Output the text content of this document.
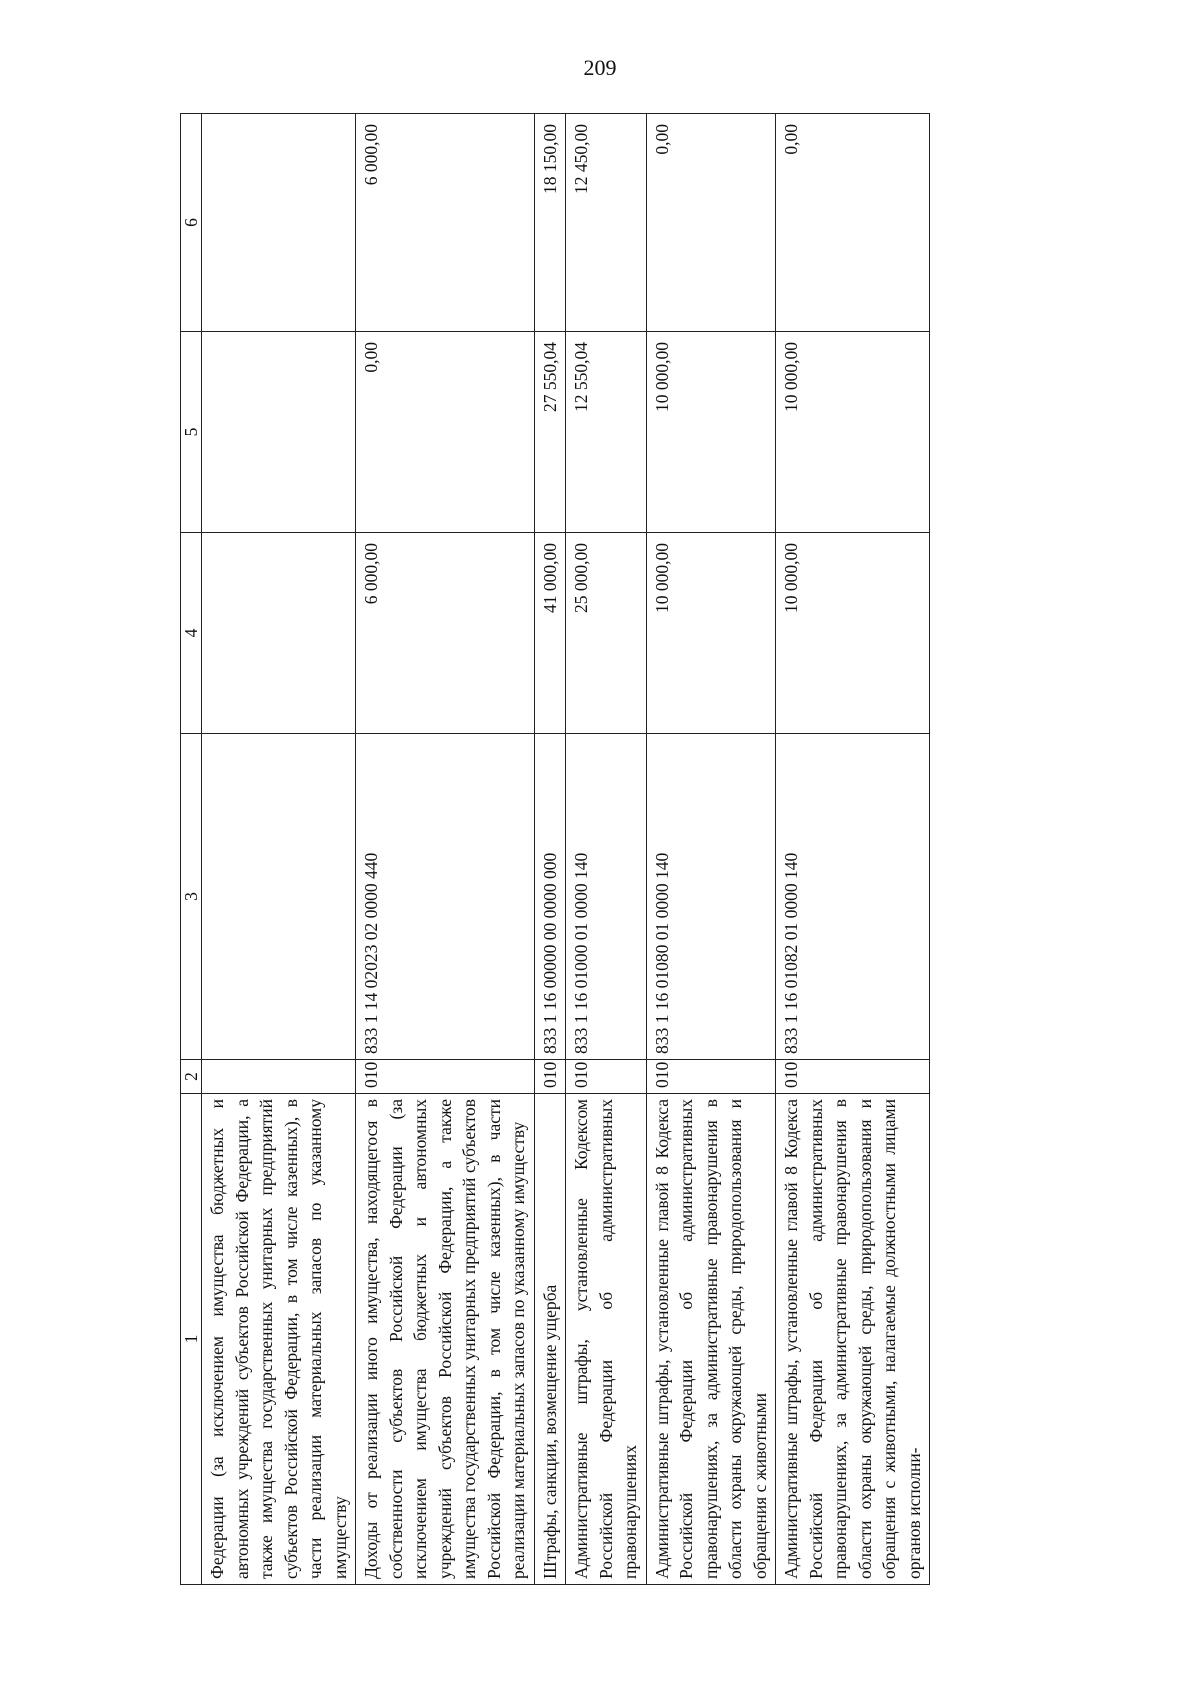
209
1	2	3	4	5	6
Федерации (за исключением имущества бюджетных и автономных учреждений субъектов Российской Федерации, а также имущества государственных унитарных предприятий субъектов Российской Федерации, в том числе казенных), в части реализации материальных запасов по указанному имуществу					
Доходы от реализации иного имущества, находящегося в собственности субъектов Российской Федерации (за исключением имущества бюджетных и автономных учреждений субъектов Российской Федерации, а также имущества государственных унитарных предприятий субъектов Российской Федерации, в том числе казенных), в части реализации материальных запасов по указанному имуществу	010	833 1 14 02023 02 0000 440	6 000,00	0,00	6 000,00
Штрафы, санкции, возмещение ущерба	010	833 1 16 00000 00 0000 000	41 000,00	27 550,04	18 150,00
Административные штрафы, установленные Кодексом Российской Федерации об административных правонарушениях	010	833 1 16 01000 01 0000 140	25 000,00	12 550,04	12 450,00
Административные штрафы, установленные главой 8 Кодекса Российской Федерации об административных правонарушениях, за административные правонарушения в области охраны окружающей среды, природопользования и обращения с животными	010	833 1 16 01080 01 0000 140	10 000,00	10 000,00	0,00
Административные штрафы, установленные главой 8 Кодекса Российской Федерации об административных правонарушениях, за административные правонарушения в области охраны окружающей среды, природопользования и обращения с животными, налагаемые должностными лицами органов исполни-	010	833 1 16 01082 01 0000 140	10 000,00	10 000,00	0,00
